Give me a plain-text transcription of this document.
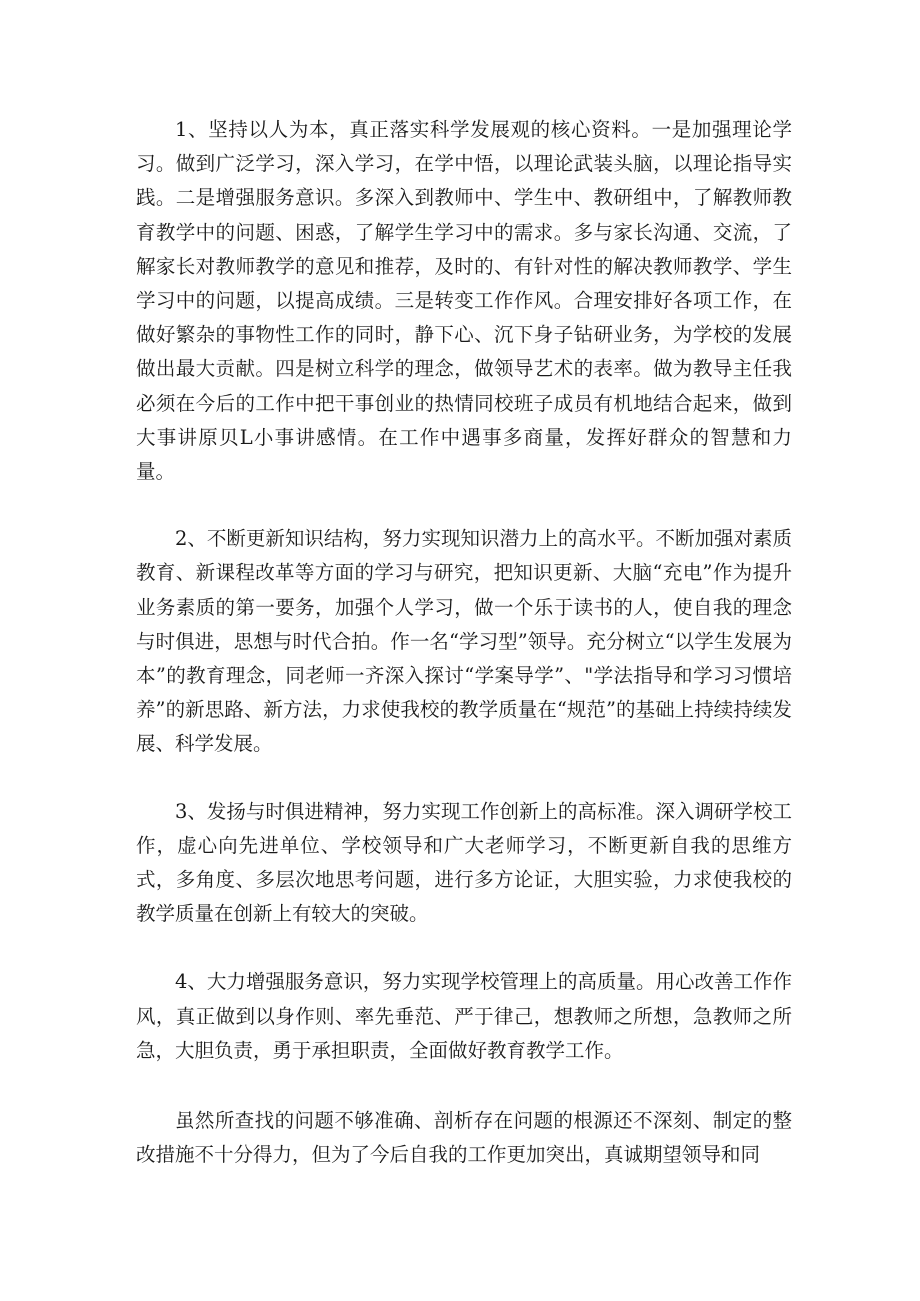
1、坚持以人为本，真正落实科学发展观的核心资料。一是加强理论学习。做到广泛学习，深入学习，在学中悟，以理论武装头脑，以理论指导实践。二是增强服务意识。多深入到教师中、学生中、教研组中，了解教师教育教学中的问题、困惑，了解学生学习中的需求。多与家长沟通、交流，了解家长对教师教学的意见和推荐，及时的、有针对性的解决教师教学、学生学习中的问题，以提高成绩。三是转变工作作风。合理安排好各项工作，在做好繁杂的事物性工作的同时，静下心、沉下身子钻研业务，为学校的发展做出最大贡献。四是树立科学的理念，做领导艺术的表率。做为教导主任我必须在今后的工作中把干事创业的热情同校班子成员有机地结合起来，做到大事讲原贝L小事讲感情。在工作中遇事多商量，发挥好群众的智慧和力量。

2、不断更新知识结构，努力实现知识潜力上的高水平。不断加强对素质教育、新课程改革等方面的学习与研究，把知识更新、大脑“充电”作为提升业务素质的第一要务，加强个人学习，做一个乐于读书的人，使自我的理念与时俱进，思想与时代合拍。作一名“学习型”领导。充分树立“以学生发展为本”的教育理念，同老师一齐深入探讨“学案导学”、"学法指导和学习习惯培养”的新思路、新方法，力求使我校的教学质量在“规范”的基础上持续持续发展、科学发展。

3、发扬与时俱进精神，努力实现工作创新上的高标准。深入调研学校工作，虚心向先进单位、学校领导和广大老师学习，不断更新自我的思维方式，多角度、多层次地思考问题，进行多方论证，大胆实验，力求使我校的教学质量在创新上有较大的突破。

4、大力增强服务意识，努力实现学校管理上的高质量。用心改善工作作风，真正做到以身作则、率先垂范、严于律己，想教师之所想，急教师之所急，大胆负责，勇于承担职责，全面做好教育教学工作。

虽然所查找的问题不够准确、剖析存在问题的根源还不深刻、制定的整改措施不十分得力，但为了今后自我的工作更加突出，真诚期望领导和同
